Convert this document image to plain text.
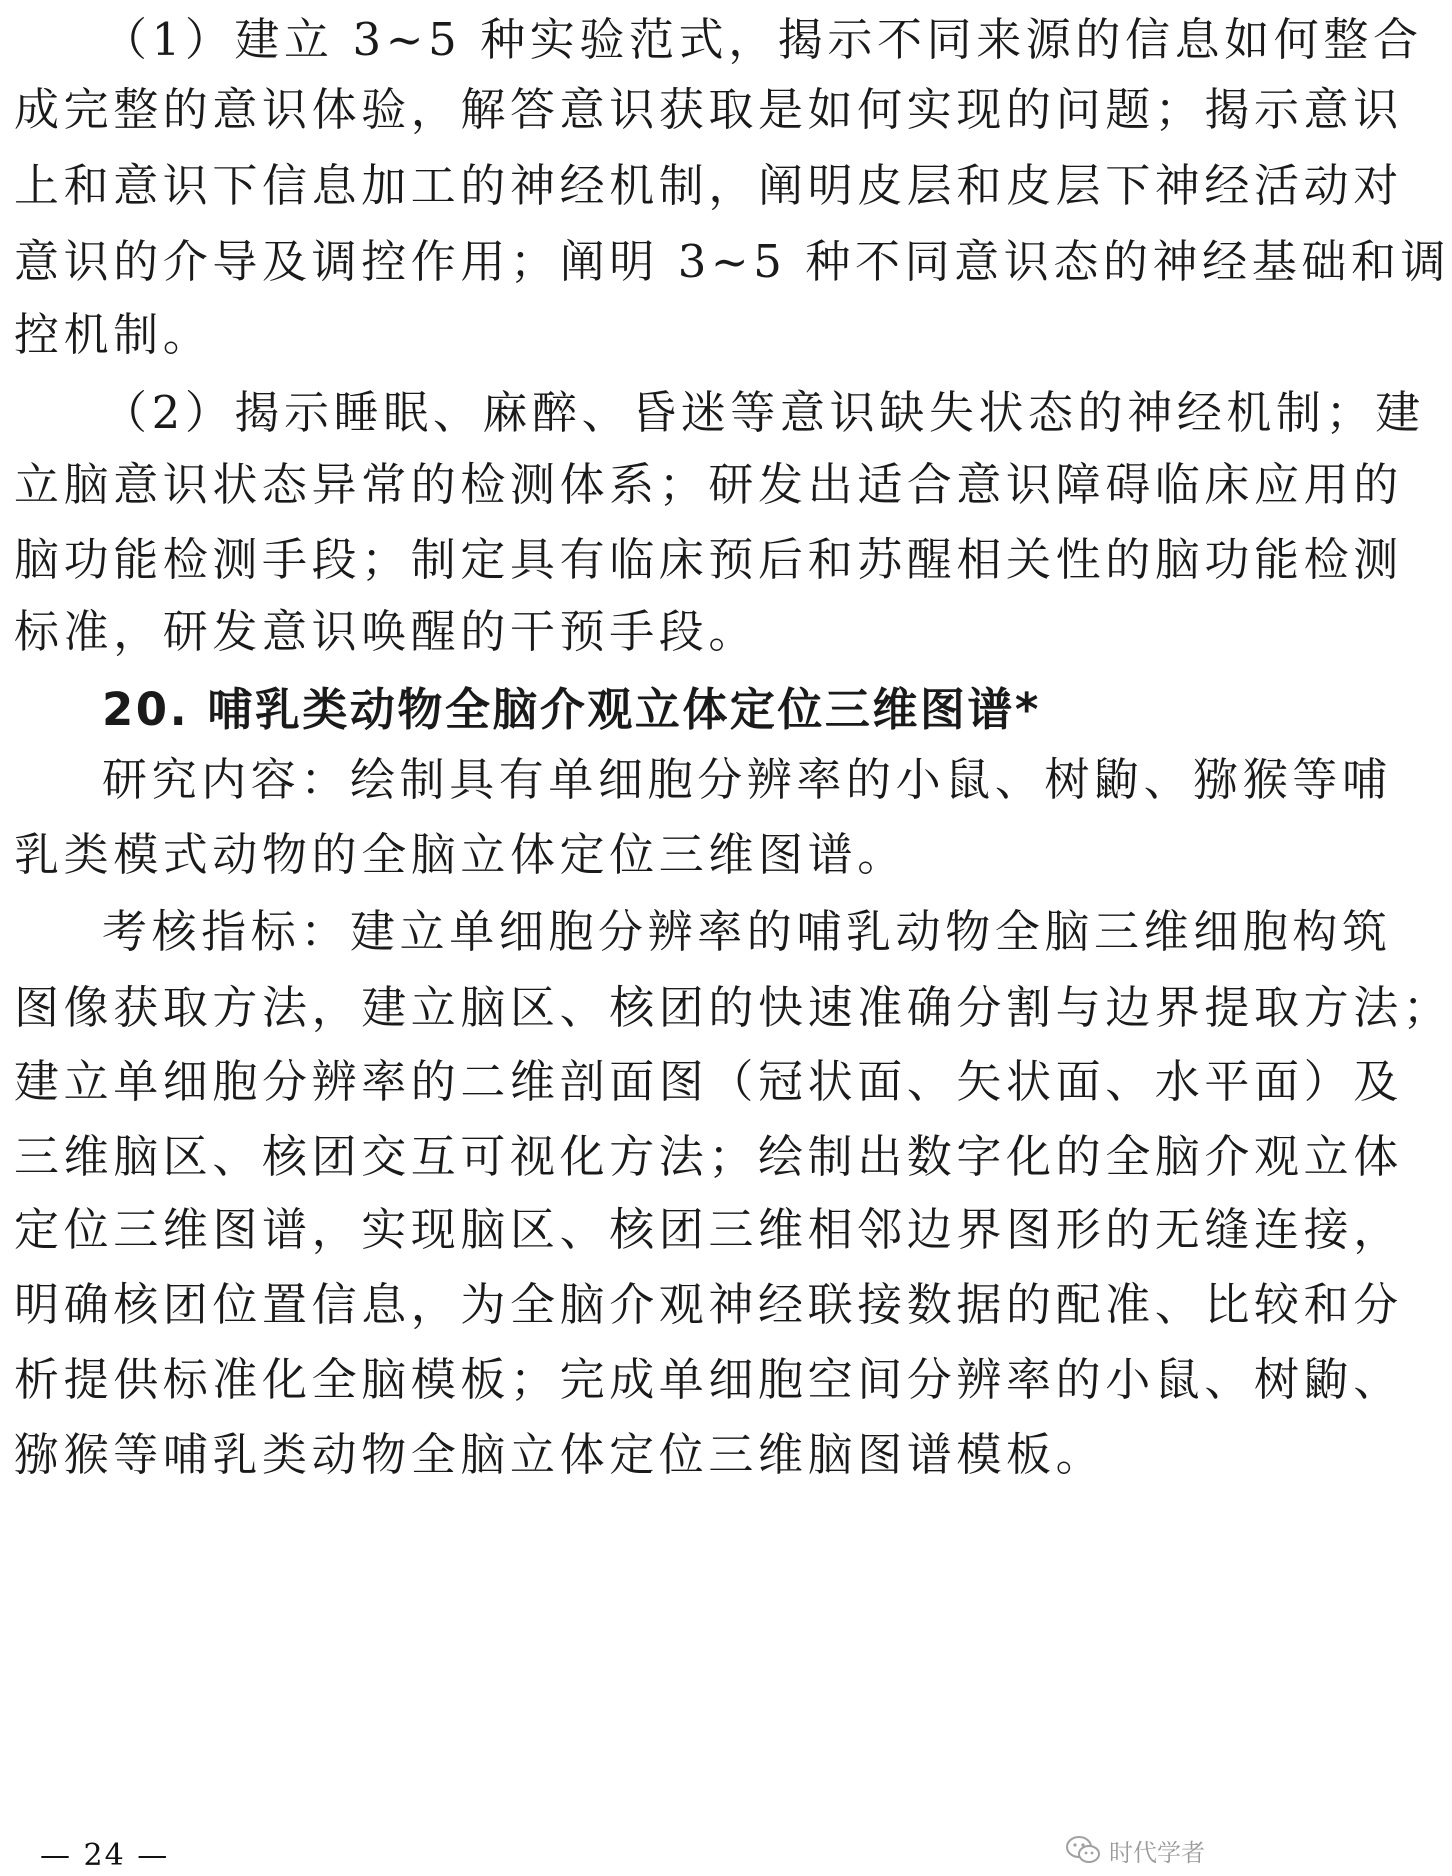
（1）建立 3~5 种实验范式，揭示不同来源的信息如何整合
成完整的意识体验，解答意识获取是如何实现的问题；揭示意识
上和意识下信息加工的神经机制，阐明皮层和皮层下神经活动对
意识的介导及调控作用；阐明 3~5 种不同意识态的神经基础和调
控机制。
（2）揭示睡眠、麻醉、昏迷等意识缺失状态的神经机制；建
立脑意识状态异常的检测体系；研发出适合意识障碍临床应用的
脑功能检测手段；制定具有临床预后和苏醒相关性的脑功能检测
标准，研发意识唤醒的干预手段。
20. 哺乳类动物全脑介观立体定位三维图谱*
研究内容：绘制具有单细胞分辨率的小鼠、树鼩、猕猴等哺
乳类模式动物的全脑立体定位三维图谱。
考核指标：建立单细胞分辨率的哺乳动物全脑三维细胞构筑
图像获取方法，建立脑区、核团的快速准确分割与边界提取方法；
建立单细胞分辨率的二维剖面图（冠状面、矢状面、水平面）及
三维脑区、核团交互可视化方法；绘制出数字化的全脑介观立体
定位三维图谱，实现脑区、核团三维相邻边界图形的无缝连接，
明确核团位置信息，为全脑介观神经联接数据的配准、比较和分
析提供标准化全脑模板；完成单细胞空间分辨率的小鼠、树鼩、
猕猴等哺乳类动物全脑立体定位三维脑图谱模板。
— 24 —	时代学者
